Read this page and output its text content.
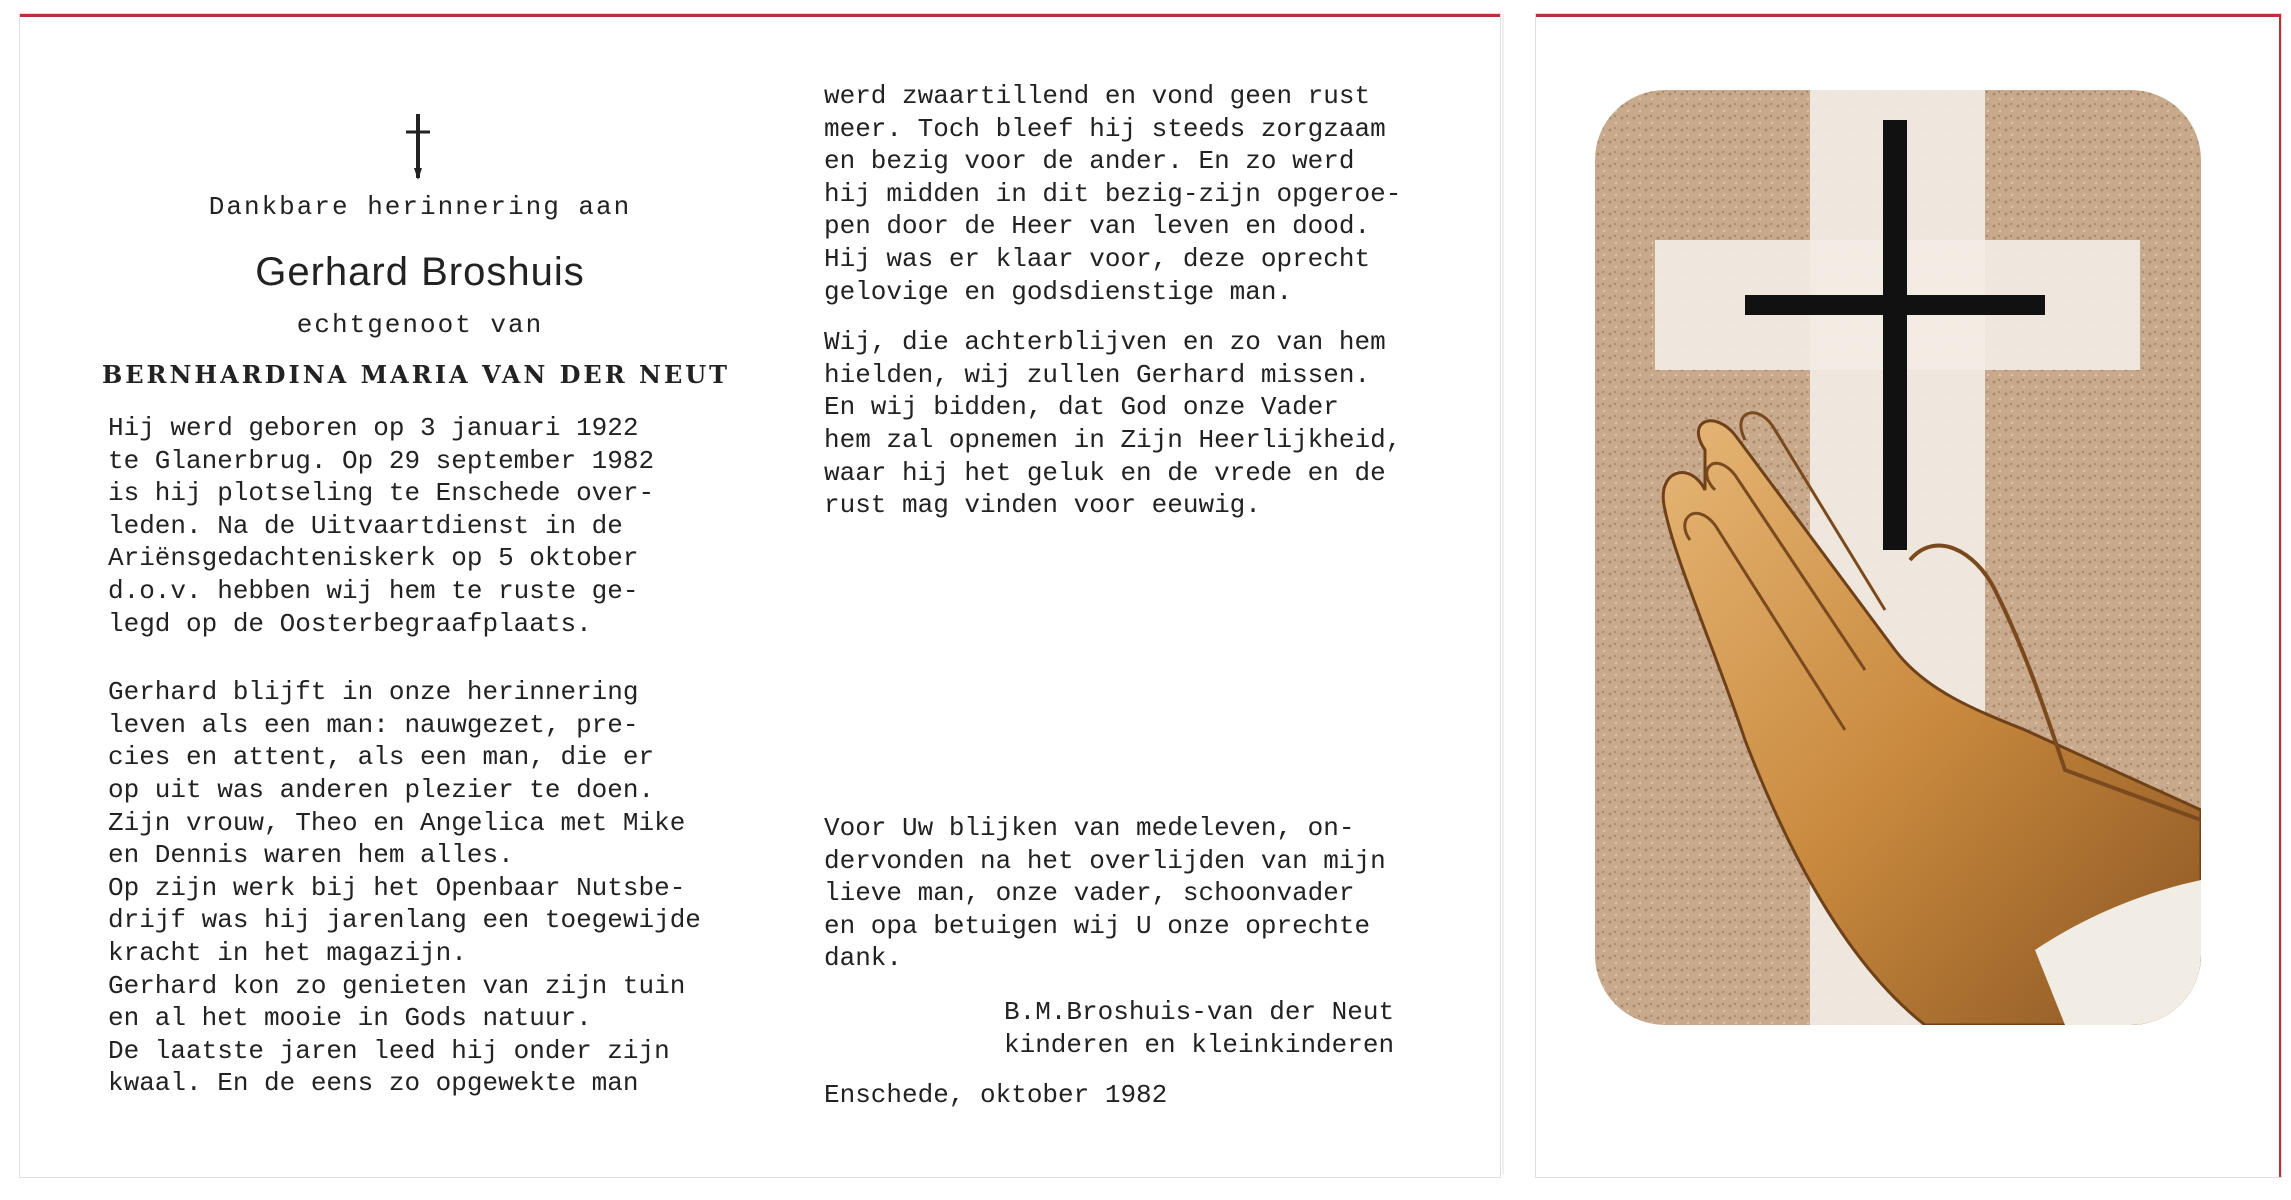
Dankbare herinnering aan
Gerhard Broshuis
echtgenoot van
BERNHARDINA MARIA VAN DER NEUT

Hij werd geboren op 3 januari 1922

te Glanerbrug. Op 29 september 1982

is hij plotseling te Enschede over-

leden. Na de Uitvaartdienst in de

Ariënsgedachteniskerk op 5 oktober

d.o.v. hebben wij hem te ruste ge-

legd op de Oosterbegraafplaats.

Gerhard blijft in onze herinnering

leven als een man: nauwgezet, pre-

cies en attent, als een man, die er

op uit was anderen plezier te doen.

Zijn vrouw, Theo en Angelica met Mike

en Dennis waren hem alles.

Op zijn werk bij het Openbaar Nutsbe-

drijf was hij jarenlang een toegewijde

kracht in het magazijn.

Gerhard kon zo genieten van zijn tuin

en al het mooie in Gods natuur.

De laatste jaren leed hij onder zijn

kwaal. En de eens zo opgewekte man

werd zwaartillend en vond geen rust

meer. Toch bleef hij steeds zorgzaam

en bezig voor de ander. En zo werd

hij midden in dit bezig-zijn opgeroe-

pen door de Heer van leven en dood.

Hij was er klaar voor, deze oprecht

gelovige en godsdienstige man.

Wij, die achterblijven en zo van hem

hielden, wij zullen Gerhard missen.

En wij bidden, dat God onze Vader

hem zal opnemen in Zijn Heerlijkheid,

waar hij het geluk en de vrede en de

rust mag vinden voor eeuwig.

Voor Uw blijken van medeleven, on-

dervonden na het overlijden van mijn

lieve man, onze vader, schoonvader

en opa betuigen wij U onze oprechte

dank.

B.M.Broshuis-van der Neut
kinderen en kleinkinderen
Enschede, oktober 1982
